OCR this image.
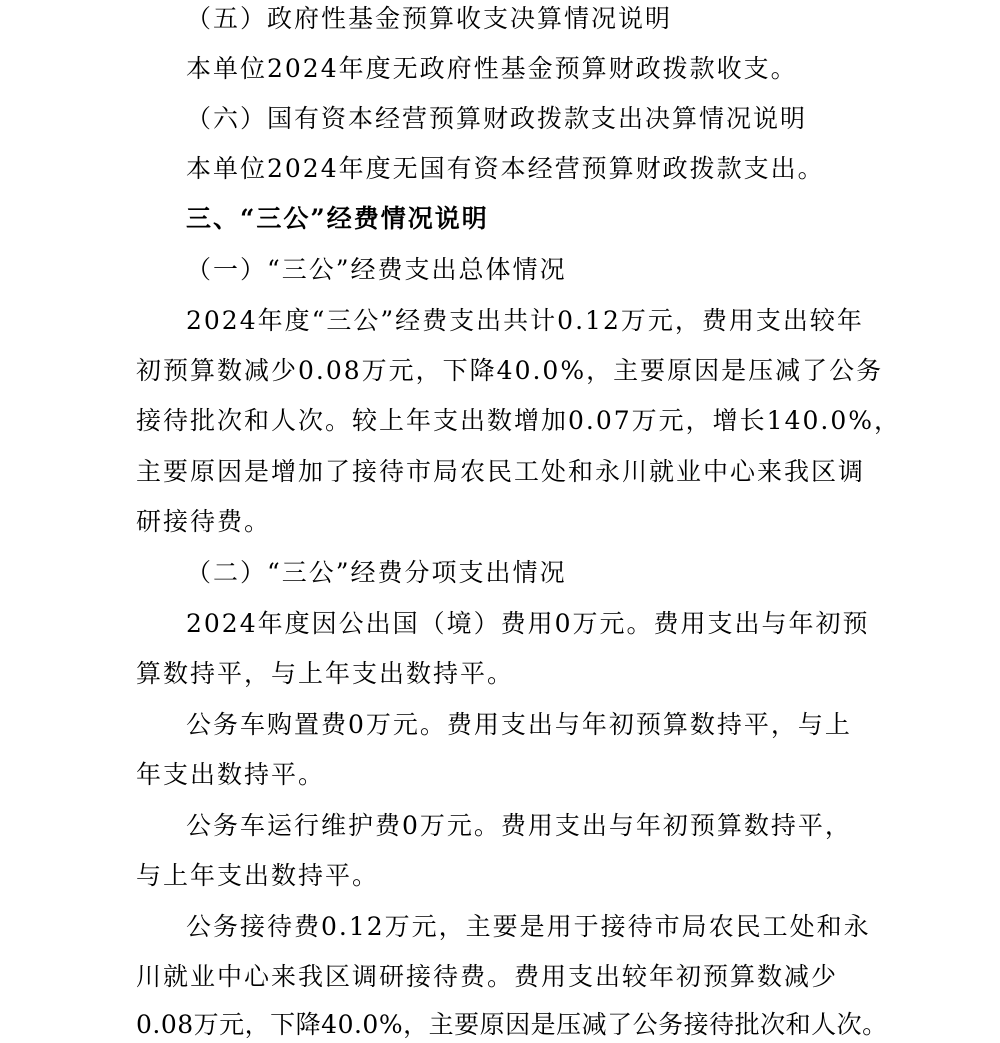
（五）政府性基金预算收支决算情况说明
本单位2024年度无政府性基金预算财政拨款收支。
（六）国有资本经营预算财政拨款支出决算情况说明
本单位2024年度无国有资本经营预算财政拨款支出。
三、“三公”经费情况说明
（一）“三公”经费支出总体情况
2024年度“三公”经费支出共计0.12万元，费用支出较年
初预算数减少0.08万元，下降40.0%，主要原因是压减了公务
接待批次和人次。较上年支出数增加0.07万元，增长140.0%，
主要原因是增加了接待市局农民工处和永川就业中心来我区调
研接待费。
（二）“三公”经费分项支出情况
2024年度因公出国（境）费用0万元。费用支出与年初预
算数持平，与上年支出数持平。
公务车购置费0万元。费用支出与年初预算数持平，与上
年支出数持平。
公务车运行维护费0万元。费用支出与年初预算数持平，
与上年支出数持平。
公务接待费0.12万元，主要是用于接待市局农民工处和永
川就业中心来我区调研接待费。费用支出较年初预算数减少
0.08万元，下降40.0%，主要原因是压减了公务接待批次和人次。
